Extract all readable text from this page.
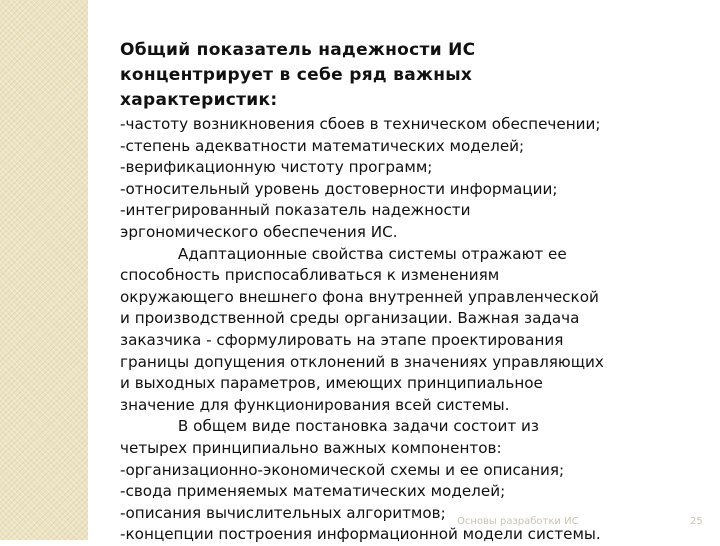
Общий показатель надежности ИС
концентрирует в себе ряд важных
характеристик:
-частоту возникновения сбоев в техническом обеспечении;
-степень адекватности математических моделей;
-верификационную чистоту программ;
-относительный уровень достоверности информации;
-интегрированный показатель надежности
эргономического обеспечения ИС.
Адаптационные свойства системы отражают ее
способность приспосабливаться к изменениям
окружающего внешнего фона внутренней управленческой
и производственной среды организации. Важная задача
заказчика - сформулировать на этапе проектирования
границы допущения отклонений в значениях управляющих
и выходных параметров, имеющих принципиальное
значение для функционирования всей системы.
В общем виде постановка задачи состоит из
четырех принципиально важных компонентов:
-организационно-экономической схемы и ее описания;
-свода применяемых математических моделей;
-описания вычислительных алгоритмов;
-концепции построения информационной модели системы.
Основы разработки ИС	25
